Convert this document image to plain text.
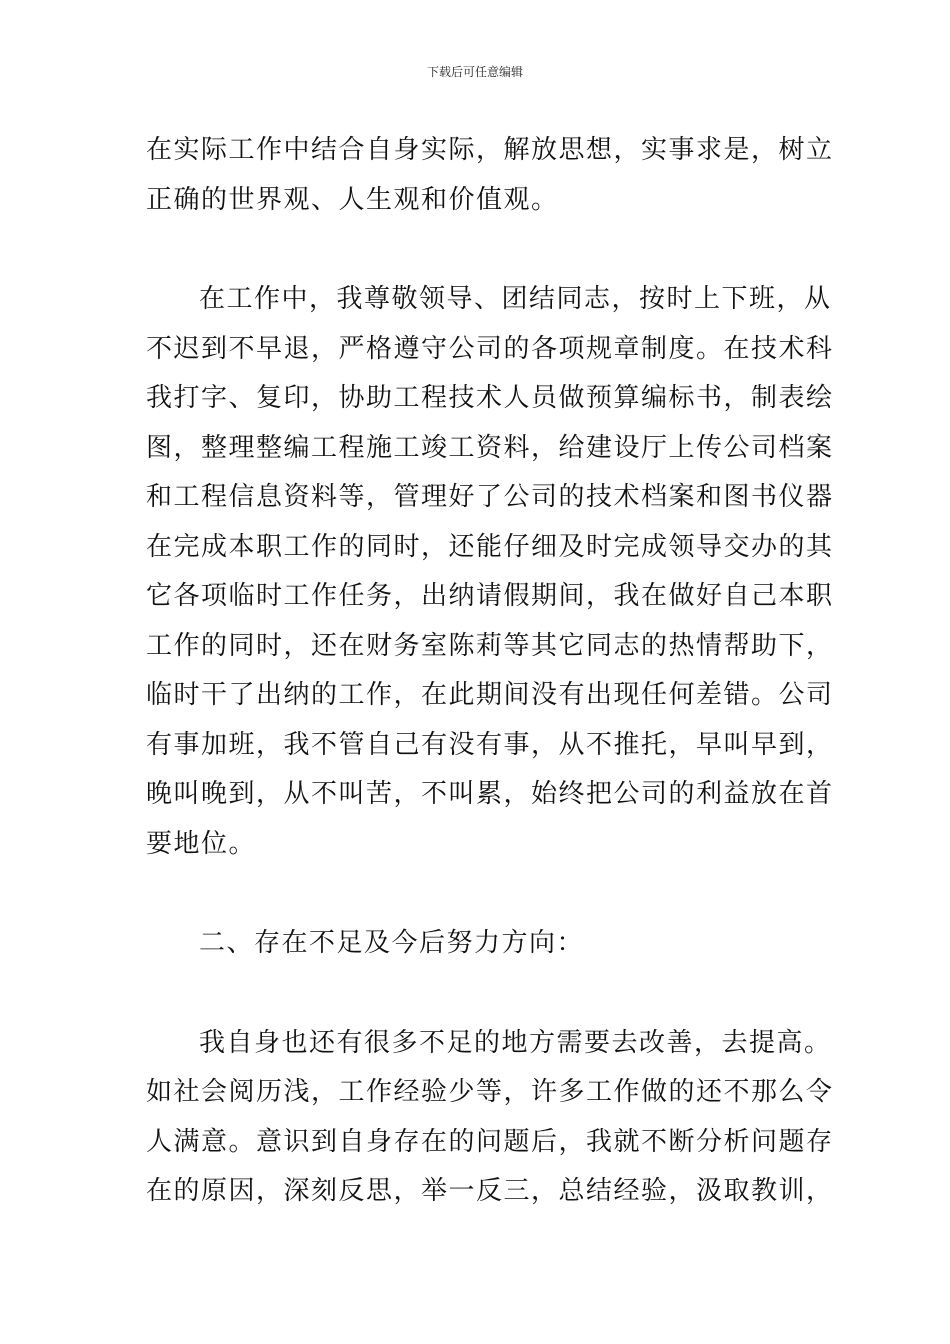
下载后可任意编辑

在实际工作中结合自身实际，解放思想，实事求是，树立
正确的世界观、人生观和价值观。

在工作中，我尊敬领导、团结同志，按时上下班，从
不迟到不早退，严格遵守公司的各项规章制度。在技术科
我打字、复印，协助工程技术人员做预算编标书，制表绘
图，整理整编工程施工竣工资料，给建设厅上传公司档案
和工程信息资料等，管理好了公司的技术档案和图书仪器
在完成本职工作的同时，还能仔细及时完成领导交办的其
它各项临时工作任务，出纳请假期间，我在做好自己本职
工作的同时，还在财务室陈莉等其它同志的热情帮助下，
临时干了出纳的工作，在此期间没有出现任何差错。公司
有事加班，我不管自己有没有事，从不推托，早叫早到，
晚叫晚到，从不叫苦，不叫累，始终把公司的利益放在首
要地位。

二、存在不足及今后努力方向：

我自身也还有很多不足的地方需要去改善，去提高。
如社会阅历浅，工作经验少等，许多工作做的还不那么令
人满意。意识到自身存在的问题后，我就不断分析问题存
在的原因，深刻反思，举一反三，总结经验，汲取教训，
